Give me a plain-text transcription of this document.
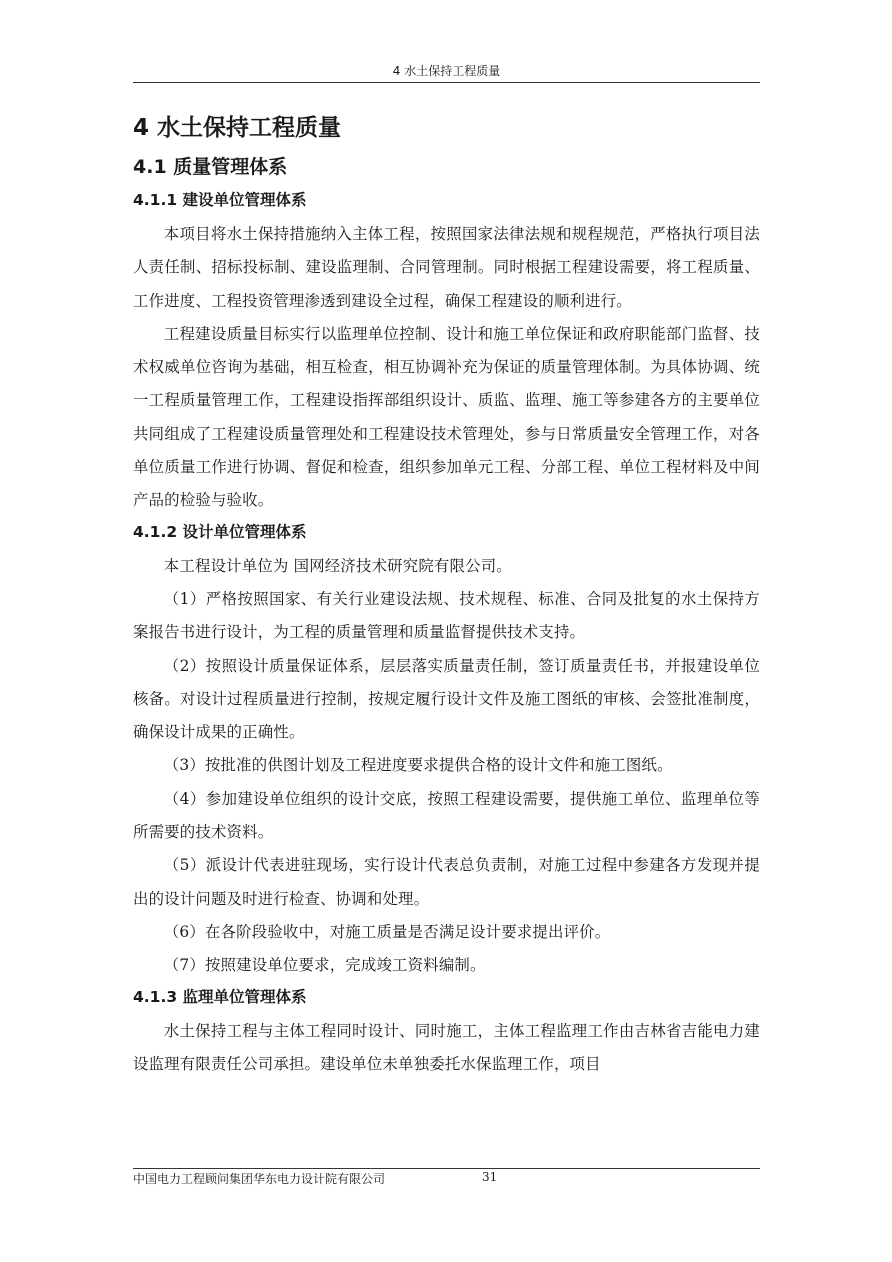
4 水土保持工程质量
4 水土保持工程质量
4.1 质量管理体系
4.1.1 建设单位管理体系

本项目将水土保持措施纳入主体工程，按照国家法律法规和规程规范，严格执行项目法人责任制、招标投标制、建设监理制、合同管理制。同时根据工程建设需要，将工程质量、工作进度、工程投资管理渗透到建设全过程，确保工程建设的顺利进行。

工程建设质量目标实行以监理单位控制、设计和施工单位保证和政府职能部门监督、技术权威单位咨询为基础，相互检查，相互协调补充为保证的质量管理体制。为具体协调、统一工程质量管理工作，工程建设指挥部组织设计、质监、监理、施工等参建各方的主要单位共同组成了工程建设质量管理处和工程建设技术管理处，参与日常质量安全管理工作，对各单位质量工作进行协调、督促和检查，组织参加单元工程、分部工程、单位工程材料及中间产品的检验与验收。

4.1.2 设计单位管理体系

本工程设计单位为 国网经济技术研究院有限公司。

（1）严格按照国家、有关行业建设法规、技术规程、标准、合同及批复的水土保持方案报告书进行设计，为工程的质量管理和质量监督提供技术支持。

（2）按照设计质量保证体系，层层落实质量责任制，签订质量责任书，并报建设单位核备。对设计过程质量进行控制，按规定履行设计文件及施工图纸的审核、会签批准制度，确保设计成果的正确性。

（3）按批准的供图计划及工程进度要求提供合格的设计文件和施工图纸。

（4）参加建设单位组织的设计交底，按照工程建设需要，提供施工单位、监理单位等所需要的技术资料。

（5）派设计代表进驻现场，实行设计代表总负责制，对施工过程中参建各方发现并提出的设计问题及时进行检查、协调和处理。

（6）在各阶段验收中，对施工质量是否满足设计要求提出评价。

（7）按照建设单位要求，完成竣工资料编制。

4.1.3 监理单位管理体系

水土保持工程与主体工程同时设计、同时施工，主体工程监理工作由吉林省吉能电力建设监理有限责任公司承担。建设单位未单独委托水保监理工作，项目

中国电力工程顾问集团华东电力设计院有限公司	31
